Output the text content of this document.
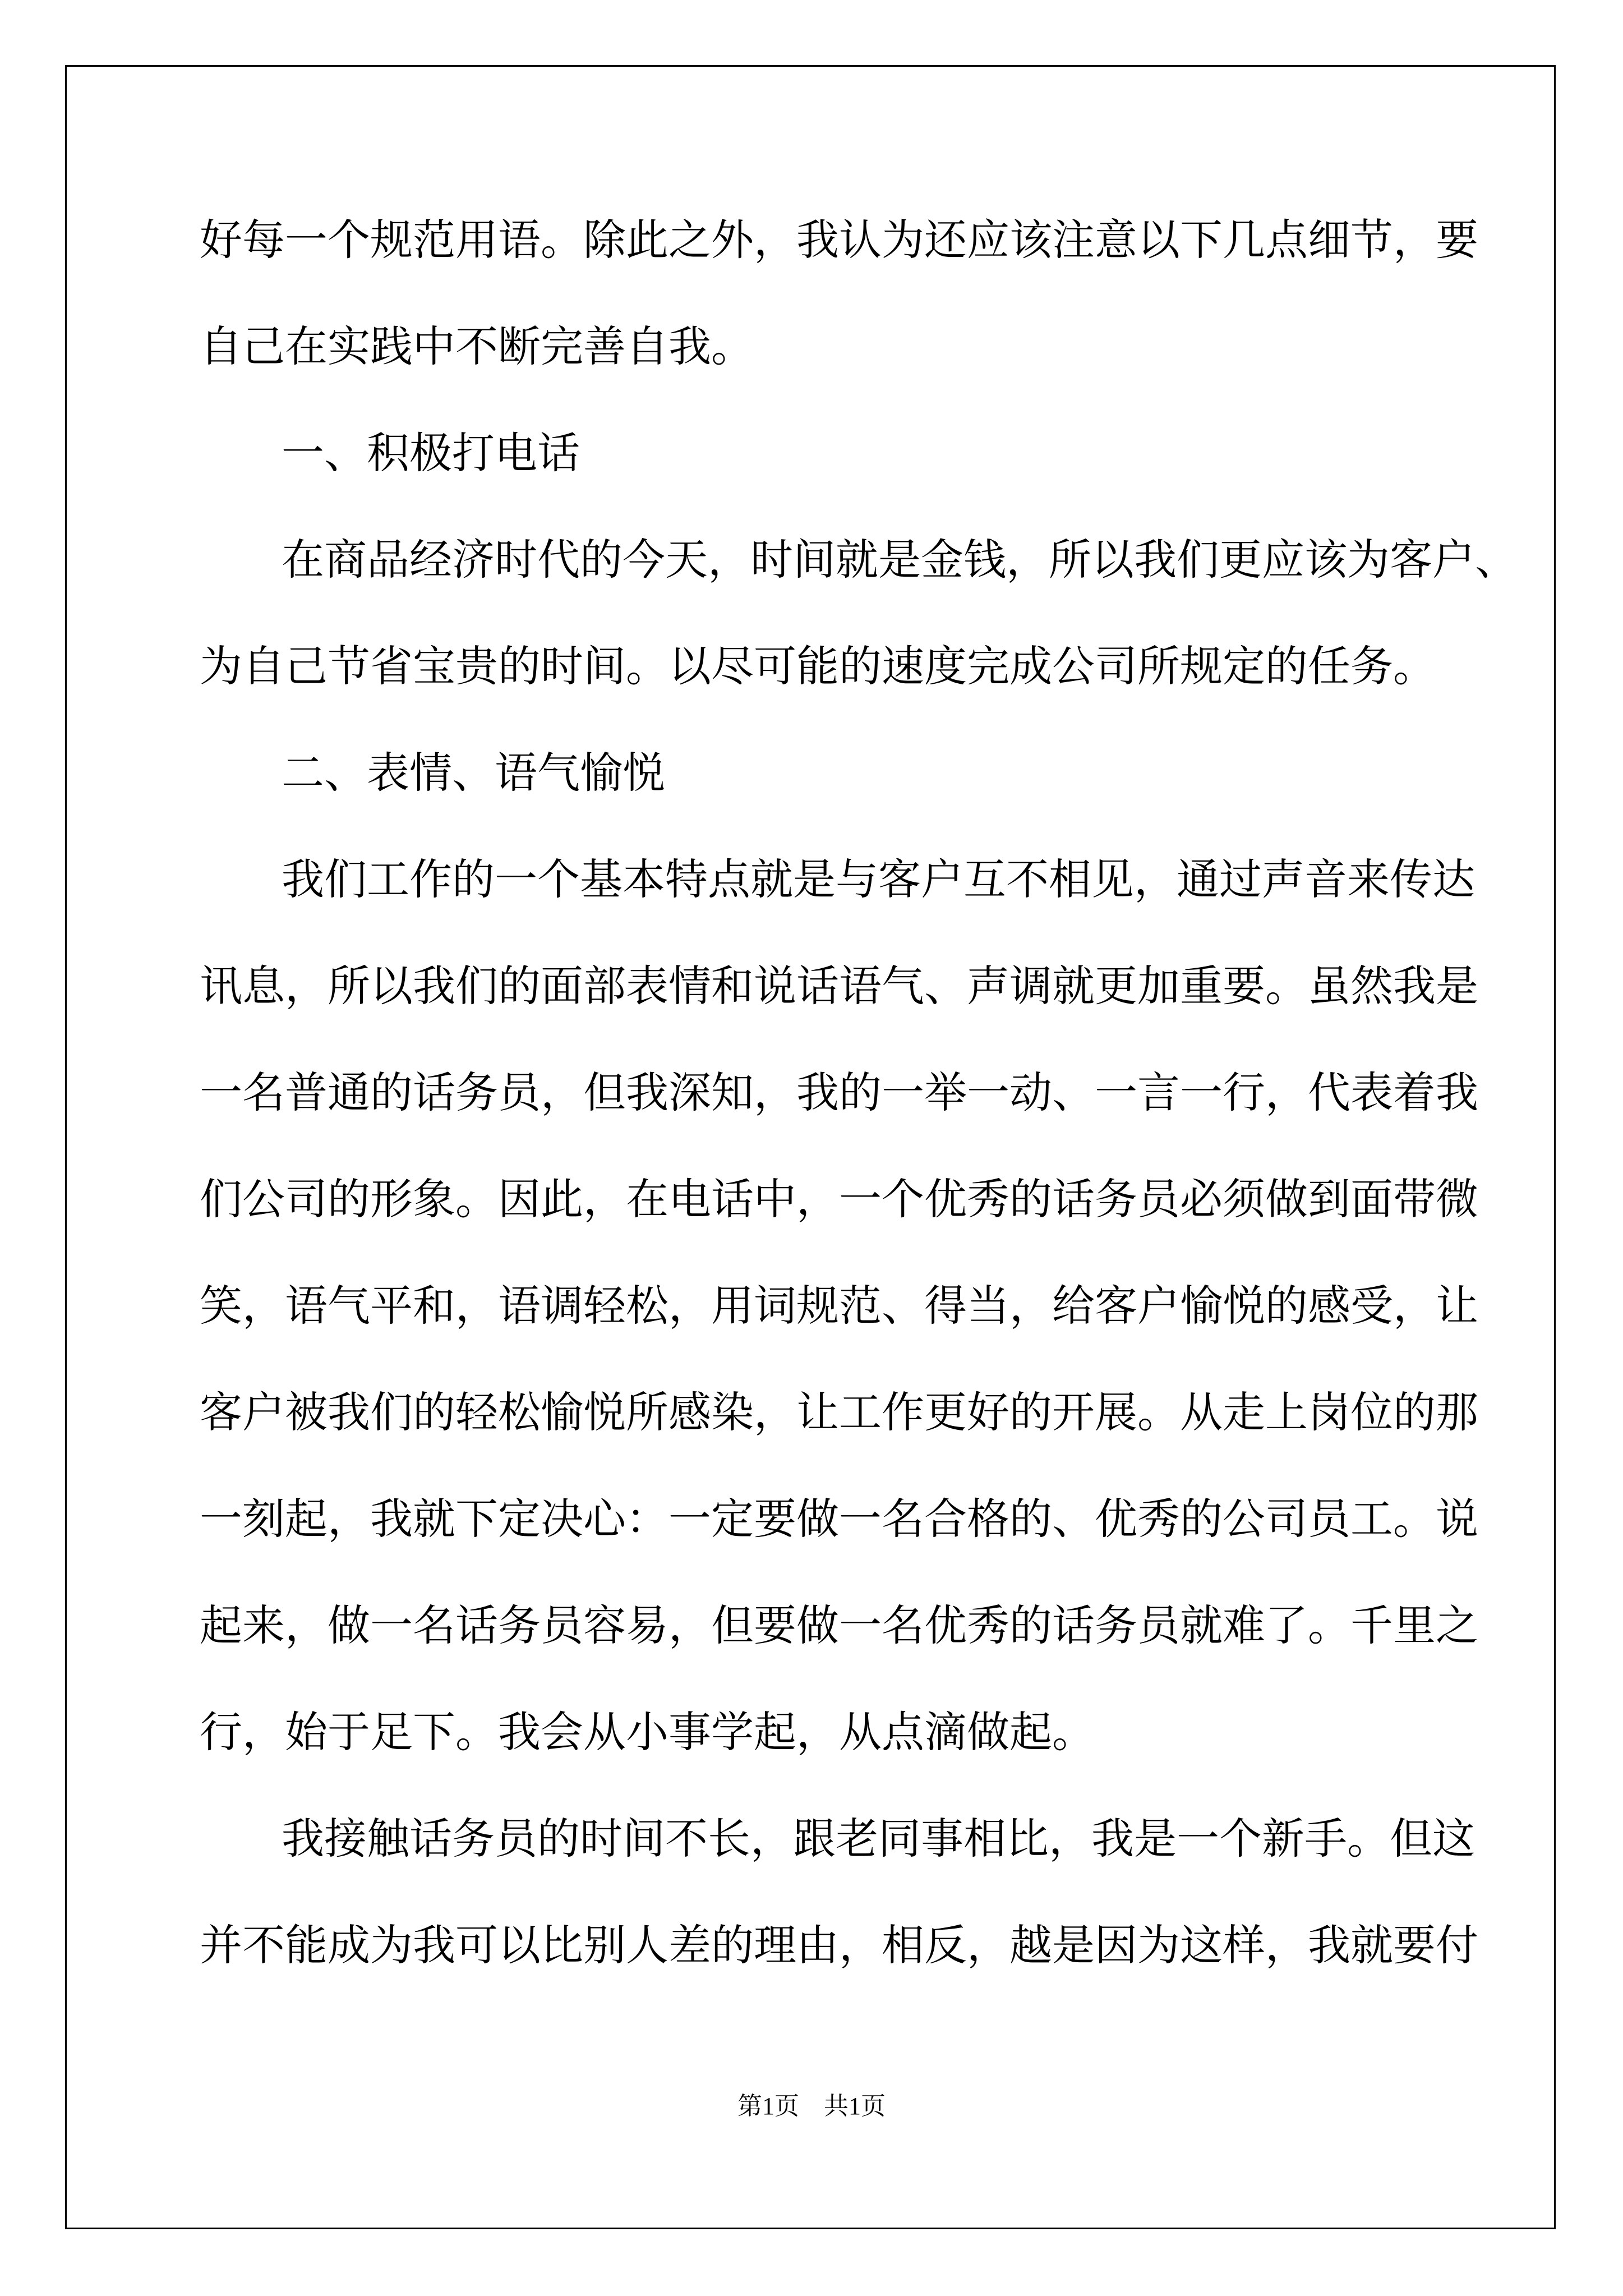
好每一个规范用语。除此之外，我认为还应该注意以下几点细节，要
自己在实践中不断完善自我。
一、积极打电话
在商品经济时代的今天，时间就是金钱，所以我们更应该为客户、
为自己节省宝贵的时间。以尽可能的速度完成公司所规定的任务。
二、表情、语气愉悦
我们工作的一个基本特点就是与客户互不相见，通过声音来传达
讯息，所以我们的面部表情和说话语气、声调就更加重要。虽然我是
一名普通的话务员，但我深知，我的一举一动、一言一行，代表着我
们公司的形象。因此，在电话中，一个优秀的话务员必须做到面带微
笑，语气平和，语调轻松，用词规范、得当，给客户愉悦的感受，让
客户被我们的轻松愉悦所感染，让工作更好的开展。从走上岗位的那
一刻起，我就下定决心：一定要做一名合格的、优秀的公司员工。说
起来，做一名话务员容易，但要做一名优秀的话务员就难了。千里之
行，始于足下。我会从小事学起，从点滴做起。
我接触话务员的时间不长，跟老同事相比，我是一个新手。但这
并不能成为我可以比别人差的理由，相反，越是因为这样，我就要付
第1页　共1页
